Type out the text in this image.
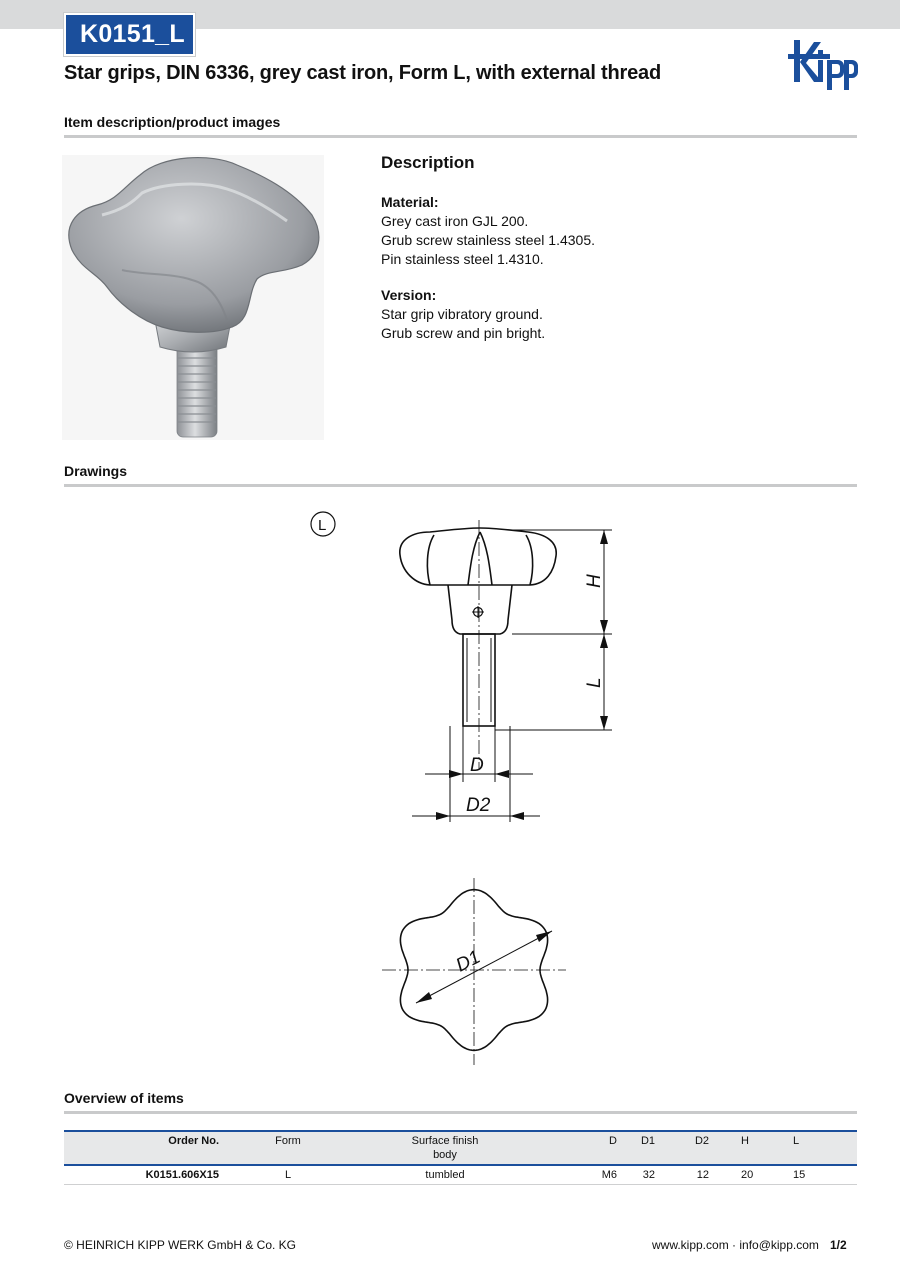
K0151_L
Star grips, DIN 6336, grey cast iron, Form L, with external thread
Item description/product images
Description
Material:

Grey cast iron GJL 200.

Grub screw stainless steel 1.4305.

Pin stainless steel 1.4310.

Version:

Star grip vibratory ground.

Grub screw and pin bright.

Drawings
H
L
D
D2
L
D1
Overview of items
Order No.	Form	Surface finish
body	D	D1	D2		H	L
K0151.606X15	L	tumbled	M6	32	12		20	15
© HEINRICH KIPP WERK GmbH & Co. KG	www.kipp.com · info@kipp.com 1/2
